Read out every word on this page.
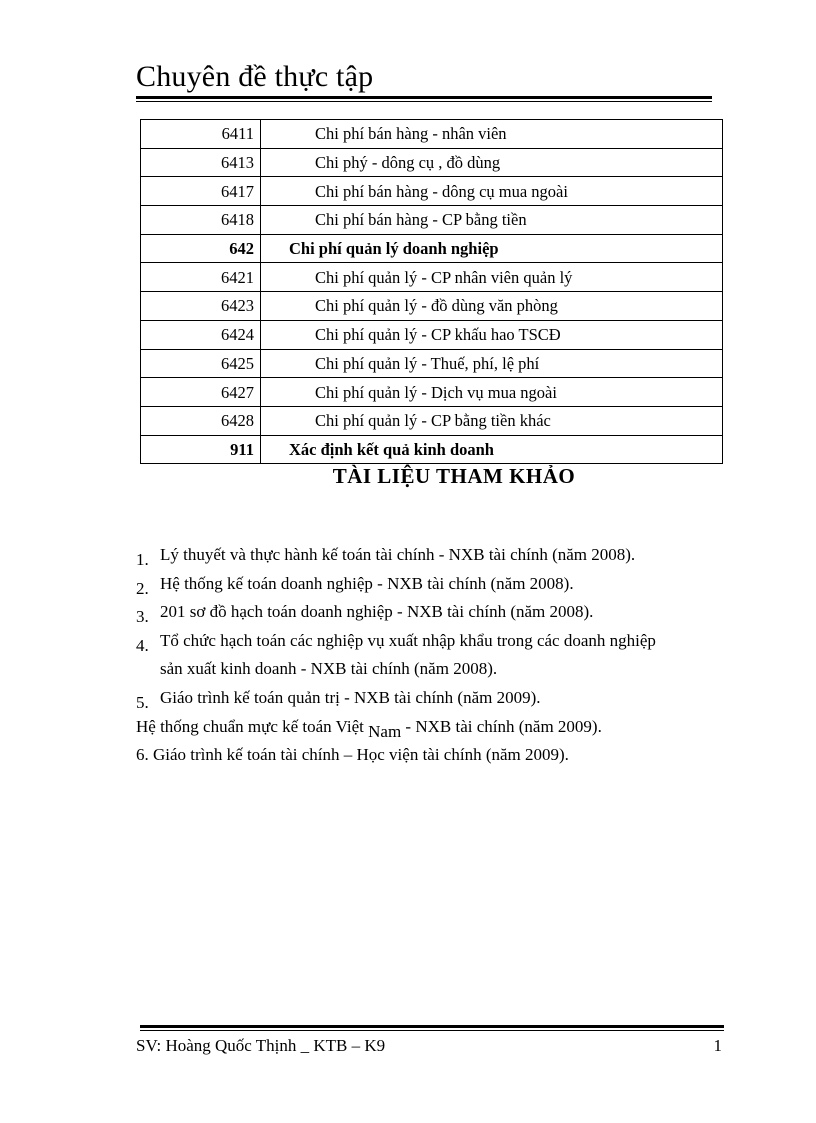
Chuyên đề thực tập
6411	Chi phí bán hàng - nhân viên
6413	Chi phý - dông cụ , đồ dùng
6417	Chi phí bán hàng - dông cụ mua ngoài
6418	Chi phí bán hàng - CP bằng tiền
642	Chi phí quản lý doanh nghiệp
6421	Chi phí quản lý - CP nhân viên quản lý
6423	Chi phí quản lý - đồ dùng văn phòng
6424	Chi phí quản lý - CP khấu hao TSCĐ
6425	Chi phí quản lý - Thuế, phí, lệ phí
6427	Chi phí quản lý - Dịch vụ mua ngoài
6428	Chi phí quản lý - CP bằng tiền khác
911	Xác định kết quả kinh doanh
TÀI LIỆU THAM KHẢO
1. Lý thuyết và thực hành kế toán tài chính - NXB tài chính (năm 2008).
2. Hệ thống kế toán doanh nghiệp - NXB tài chính (năm 2008).
3. 201 sơ đồ hạch toán doanh nghiệp - NXB tài chính (năm 2008).
4. Tổ chức hạch toán các nghiệp vụ xuất nhập khẩu trong các doanh nghiệp
sản xuất kinh doanh - NXB tài chính (năm 2008).
5. Giáo trình kế toán quản trị - NXB tài chính (năm 2009).
Hệ thống chuẩn mực kế toán Việt Nam - NXB tài chính (năm 2009).
6. Giáo trình kế toán tài chính – Học viện tài chính (năm 2009).
SV: Hoàng Quốc Thịnh _ KTB – K9	1
